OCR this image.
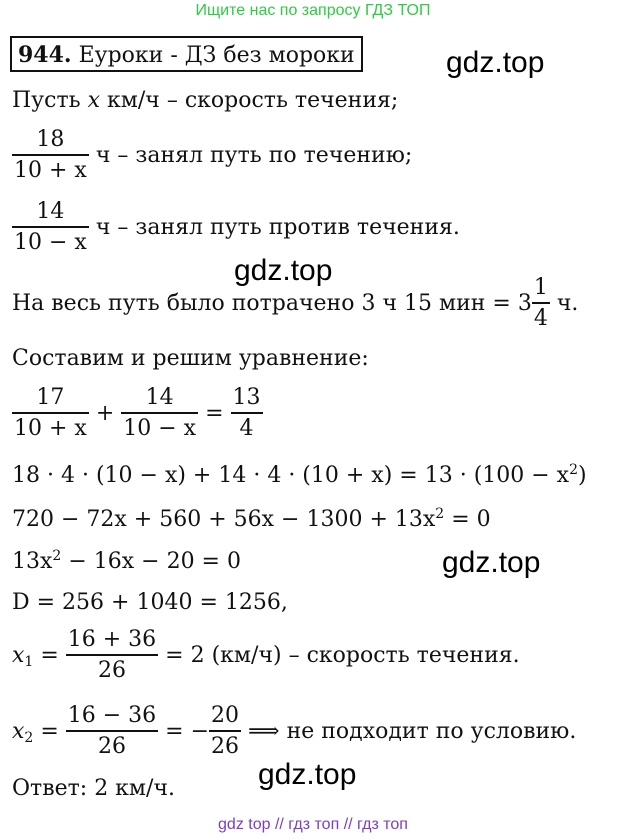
Ищите нас по запросу ГДЗ ТОП
944. Еуроки - ДЗ без мороки	gdz.top
gdz.top
gdz.top
gdz.top
Пусть x км/ч – скорость течения;
$\frac{18}{10 + x}$ ч – занял путь по течению;
$\frac{14}{10 - x}$ ч – занял путь против течения.
На весь путь было потрачено 3 ч 15 мин = $3 \frac{1}{4} ч$.
Составим и решим уравнение:
$\frac{17}{10 + x} + \frac{14}{10 - x} = \frac{13}{4}$
$18 \cdot 4 \cdot (10 - x) + 14 \cdot 4 \cdot (10 + x) = 13 \cdot (100 - x^2)$
$720 - 72x + 560 + 56x - 1300 + 13x^2 = 0$
$13x^2 - 16x - 20 = 0$
D = 256 + 1040 = 1256,
$x_1 = \frac{16 + 36}{26} = 2$ (км/ч) – скорость течения.
$x_2 = \frac{16 - 36}{26}$ = − $\frac{20}{26}$ ⟹ не подходит по условию.
Ответ: 2 км/ч.
gdz top // гдз топ // гдз топ
